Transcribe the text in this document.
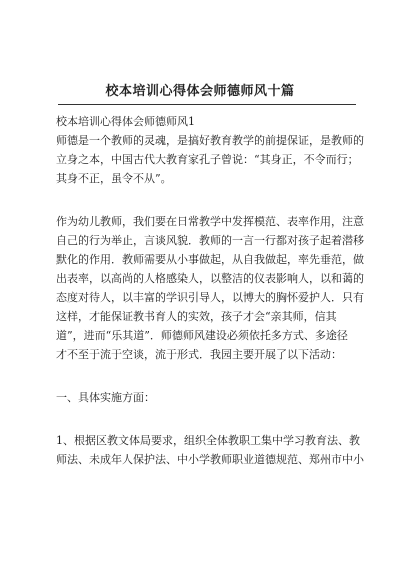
校本培训心得体会师德师风十篇
校本培训心得体会师德师风1
师德是一个教师的灵魂，是搞好教育教学的前提保证，是教师的
立身之本，中国古代大教育家孔子曾说：“其身正，不令而行；
其身不正，虽令不从”。
作为幼儿教师，我们要在日常教学中发挥模范、表率作用，注意
自己的行为举止，言谈风貌．教师的一言一行都对孩子起着潜移
默化的作用．教师需要从小事做起，从自我做起，率先垂范，做
出表率，以高尚的人格感染人，以整洁的仪表影响人，以和蔼的
态度对待人，以丰富的学识引导人，以博大的胸怀爱护人．只有
这样，才能保证教书育人的实效，孩子才会“亲其师，信其
道”，进而“乐其道”．师德师风建设必须依托多方式、多途径
才不至于流于空谈，流于形式．我园主要开展了以下活动：
一、具体实施方面：
1、根据区教文体局要求，组织全体教职工集中学习教育法、教
师法、未成年人保护法、中小学教师职业道德规范、郑州市中小
